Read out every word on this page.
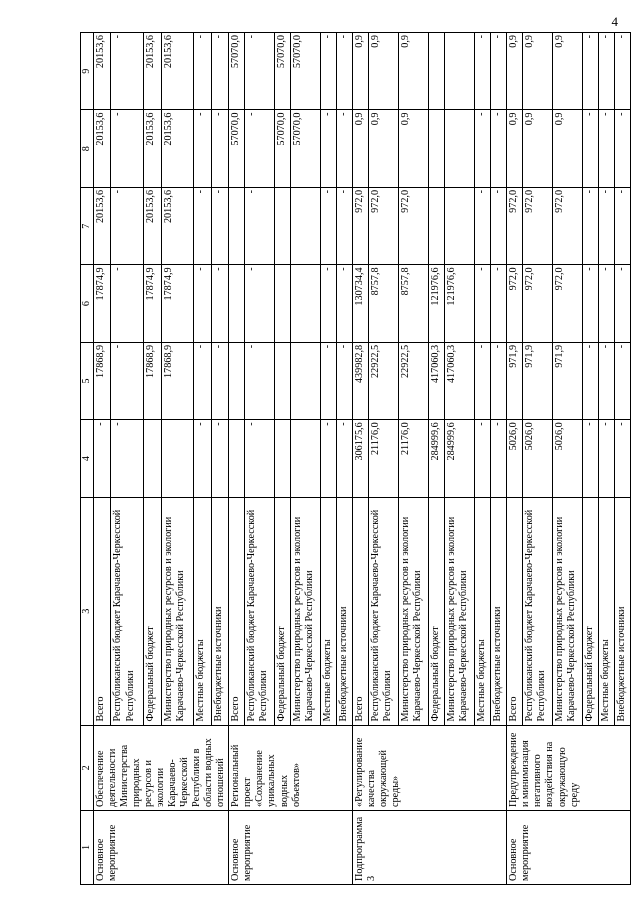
4
1	2	3	4	5	6	7	8	9
Основное мероприятие	Обеспечение деятельности Министерства природных ресурсов и экологии Карачаево-Черкесской Республики в области водных отношений	Всего	-	17868,9	17874,9	20153,6	20153,6	20153,6
		Республиканский бюджет Карачаево-Черкесской Республики	-	-	-	-	-	-
		Федеральный бюджет		17868,9	17874,9	20153,6	20153,6	20153,6
		Министерство природных ресурсов и экологии Карачаево-Черкесской Республики		17868,9	17874,9	20153,6	20153,6	20153,6
		Местные бюджеты	-	-	-	-	-	-
		Внебюджетные источники	-	-	-	-	-	-
Основное мероприятие	Региональный проект «Сохранение уникальных водных объектов»	Всего					57070,0	57070,0
		Республиканский бюджет Карачаево-Черкесской Республики	-	-	-	-	-	-
		Федеральный бюджет					57070,0	57070,0
		Министерство природных ресурсов и экологии Карачаево-Черкесской Республики					57070,0	57070,0
		Местные бюджеты	-	-	-	-	-	-
		Внебюджетные источники	-	-	-	-	-	-
Подпрограмма 3	«Регулирование качества окружающей среды»	Всего	306175,6	439982,8	130734,4	972,0	0,9	0,9
		Республиканский бюджет Карачаево-Черкесской Республики	21176,0	22922,5	8757,8	972,0	0,9	0,9
		Министерство природных ресурсов и экологии Карачаево-Черкесской Республики	21176,0	22922,5	8757,8	972,0	0,9	0,9
		Федеральный бюджет	284999,6	417060,3	121976,6			
		Министерство природных ресурсов и экологии Карачаево-Черкесской Республики	284999,6	417060,3	121976,6			
		Местные бюджеты	-	-	-	-	-	-
		Внебюджетные источники	-	-	-	-	-	-
Основное мероприятие	Предупреждение и минимизация негативного воздействия на окружающую среду	Всего	5026,0	971,9	972,0	972,0	0,9	0,9
		Республиканский бюджет Карачаево-Черкесской Республики	5026,0	971,9	972,0	972,0	0,9	0,9
		Министерство природных ресурсов и экологии Карачаево-Черкесской Республики	5026,0	971,9	972,0	972,0	0,9	0,9
		Федеральный бюджет	-	-	-	-	-	-
		Местные бюджеты	-	-	-	-	-	-
		Внебюджетные источники	-	-	-	-	-	-
